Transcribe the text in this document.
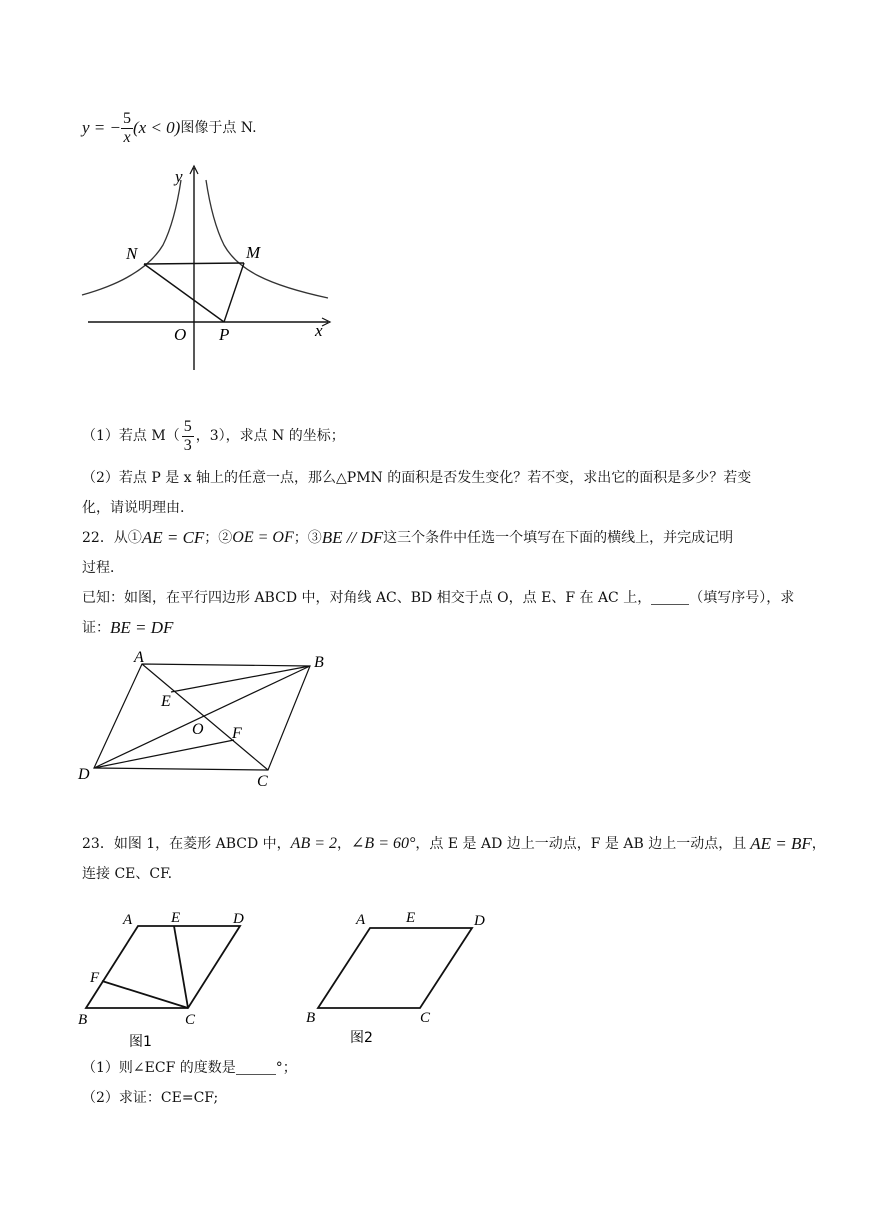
y = − $\frac{5}{x} (x < 0)$ 图像于点 N.
y
x
O P
M
N
（1）若点 $M( \frac{5}{3}$ ，3），求点 N 的坐标；
（2）若点 P 是 x 轴上的任意一点，那么△PMN 的面积是否发生变化？若不变，求出它的面积是多少？若变
化，请说明理由.
22．从① AE = CF ；② OE = OF ；③ BE // DF 这三个条件中任选一个填写在下面的横线上，并完成记明
过程．
已知：如图，在平行四边形 ABCD 中，对角线 AC、BD 相交于点 O，点 E、F 在 AC 上，	（填写序号），求
证： BE = DF
A	B
C
D
E
F
O
23．如图 1，在菱形 ABCD 中， AB = 2 ， ∠B = 60° ，点 E 是 AD 边上一动点，F 是 AB 边上一动点，且 AE = BF ，
连接 CE、CF.
A	E	D
F
B	C
图1
A	E	D
B	C
图2
（1）则∠ECF 的度数是	°；
（2）求证：CE=CF;
